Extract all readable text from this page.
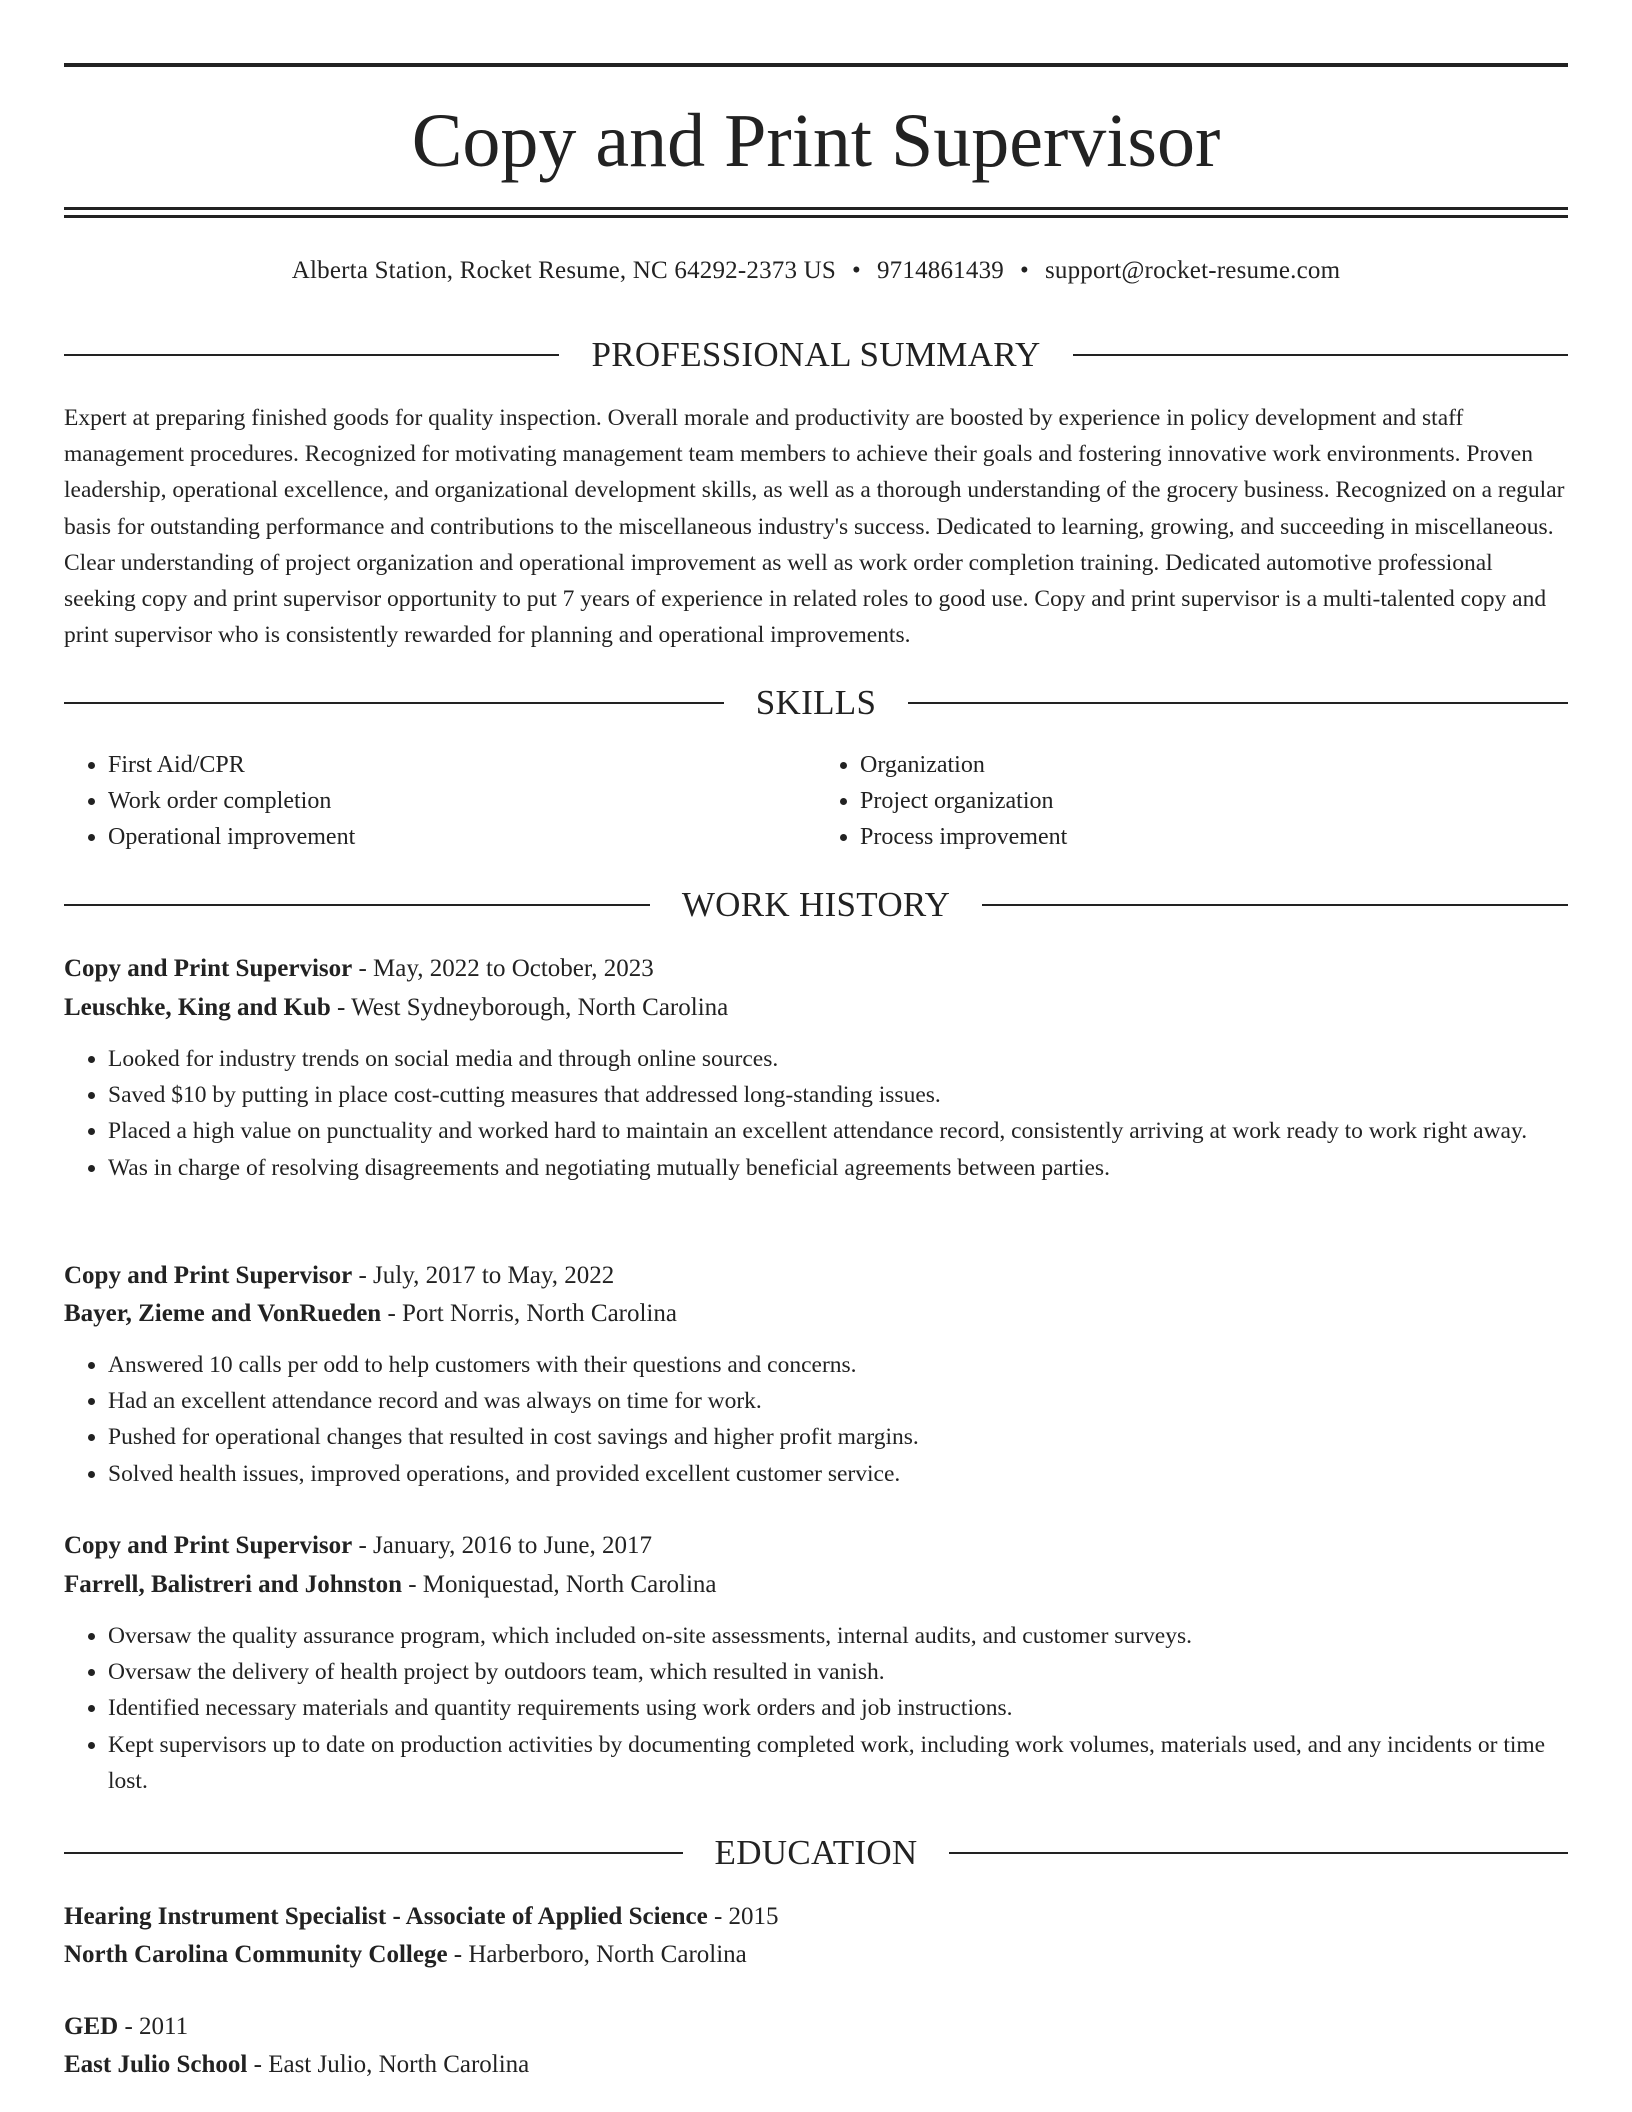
Copy and Print Supervisor
Alberta Station, Rocket Resume, NC 64292-2373 US • 9714861439 • support@rocket-resume.com
PROFESSIONAL SUMMARY
Expert at preparing finished goods for quality inspection. Overall morale and productivity are boosted by experience in policy development and staff management procedures. Recognized for motivating management team members to achieve their goals and fostering innovative work environments. Proven leadership, operational excellence, and organizational development skills, as well as a thorough understanding of the grocery business. Recognized on a regular basis for outstanding performance and contributions to the miscellaneous industry's success. Dedicated to learning, growing, and succeeding in miscellaneous. Clear understanding of project organization and operational improvement as well as work order completion training. Dedicated automotive professional seeking copy and print supervisor opportunity to put 7 years of experience in related roles to good use. Copy and print supervisor is a multi-talented copy and print supervisor who is consistently rewarded for planning and operational improvements.
SKILLS
• First Aid/CPR
• Work order completion
• Operational improvement
• Organization
• Project organization
• Process improvement
WORK HISTORY
Copy and Print Supervisor - May, 2022 to October, 2023
Leuschke, King and Kub - West Sydneyborough, North Carolina
• Looked for industry trends on social media and through online sources.
• Saved $10 by putting in place cost-cutting measures that addressed long-standing issues.
• Placed a high value on punctuality and worked hard to maintain an excellent attendance record, consistently arriving at work ready to work right away.
• Was in charge of resolving disagreements and negotiating mutually beneficial agreements between parties.
Copy and Print Supervisor - July, 2017 to May, 2022
Bayer, Zieme and VonRueden - Port Norris, North Carolina
• Answered 10 calls per odd to help customers with their questions and concerns.
• Had an excellent attendance record and was always on time for work.
• Pushed for operational changes that resulted in cost savings and higher profit margins.
• Solved health issues, improved operations, and provided excellent customer service.
Copy and Print Supervisor - January, 2016 to June, 2017
Farrell, Balistreri and Johnston - Moniquestad, North Carolina
• Oversaw the quality assurance program, which included on-site assessments, internal audits, and customer surveys.
• Oversaw the delivery of health project by outdoors team, which resulted in vanish.
• Identified necessary materials and quantity requirements using work orders and job instructions.
• Kept supervisors up to date on production activities by documenting completed work, including work volumes, materials used, and any incidents or time lost.
EDUCATION
Hearing Instrument Specialist - Associate of Applied Science - 2015
North Carolina Community College - Harberboro, North Carolina
GED - 2011
East Julio School - East Julio, North Carolina
